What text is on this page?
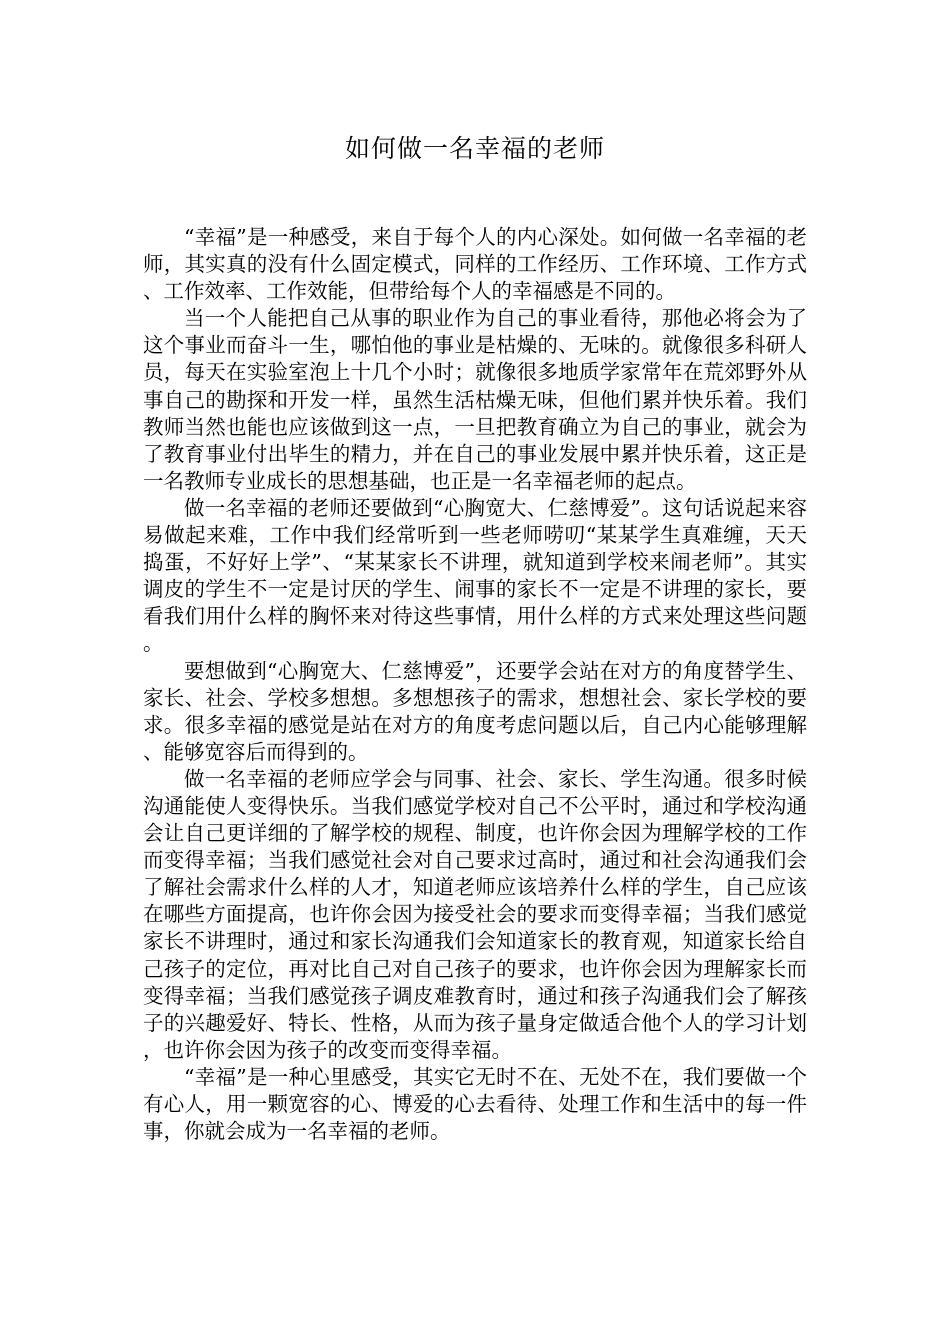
如何做一名幸福的老师

“幸福”是一种感受，来自于每个人的内心深处。如何做一名幸福的老师，其实真的没有什么固定模式，同样的工作经历、工作环境、工作方式、工作效率、工作效能，但带给每个人的幸福感是不同的。

当一个人能把自己从事的职业作为自己的事业看待，那他必将会为了这个事业而奋斗一生，哪怕他的事业是枯燥的、无味的。就像很多科研人员，每天在实验室泡上十几个小时；就像很多地质学家常年在荒郊野外从事自己的勘探和开发一样，虽然生活枯燥无味，但他们累并快乐着。我们教师当然也能也应该做到这一点，一旦把教育确立为自己的事业，就会为了教育事业付出毕生的精力，并在自己的事业发展中累并快乐着，这正是一名教师专业成长的思想基础，也正是一名幸福老师的起点。

做一名幸福的老师还要做到“心胸宽大、仁慈博爱”。这句话说起来容易做起来难，工作中我们经常听到一些老师唠叨“某某学生真难缠，天天捣蛋，不好好上学”、“某某家长不讲理，就知道到学校来闹老师”。其实调皮的学生不一定是讨厌的学生、闹事的家长不一定是不讲理的家长，要看我们用什么样的胸怀来对待这些事情，用什么样的方式来处理这些问题。

要想做到“心胸宽大、仁慈博爱”，还要学会站在对方的角度替学生、家长、社会、学校多想想。多想想孩子的需求，想想社会、家长学校的要求。很多幸福的感觉是站在对方的角度考虑问题以后，自己内心能够理解、能够宽容后而得到的。

做一名幸福的老师应学会与同事、社会、家长、学生沟通。很多时候沟通能使人变得快乐。当我们感觉学校对自己不公平时，通过和学校沟通会让自己更详细的了解学校的规程、制度，也许你会因为理解学校的工作而变得幸福；当我们感觉社会对自己要求过高时，通过和社会沟通我们会了解社会需求什么样的人才，知道老师应该培养什么样的学生，自己应该在哪些方面提高，也许你会因为接受社会的要求而变得幸福；当我们感觉家长不讲理时，通过和家长沟通我们会知道家长的教育观，知道家长给自己孩子的定位，再对比自己对自己孩子的要求，也许你会因为理解家长而变得幸福；当我们感觉孩子调皮难教育时，通过和孩子沟通我们会了解孩子的兴趣爱好、特长、性格，从而为孩子量身定做适合他个人的学习计划，也许你会因为孩子的改变而变得幸福。

“幸福”是一种心里感受，其实它无时不在、无处不在，我们要做一个有心人，用一颗宽容的心、博爱的心去看待、处理工作和生活中的每一件事，你就会成为一名幸福的老师。
